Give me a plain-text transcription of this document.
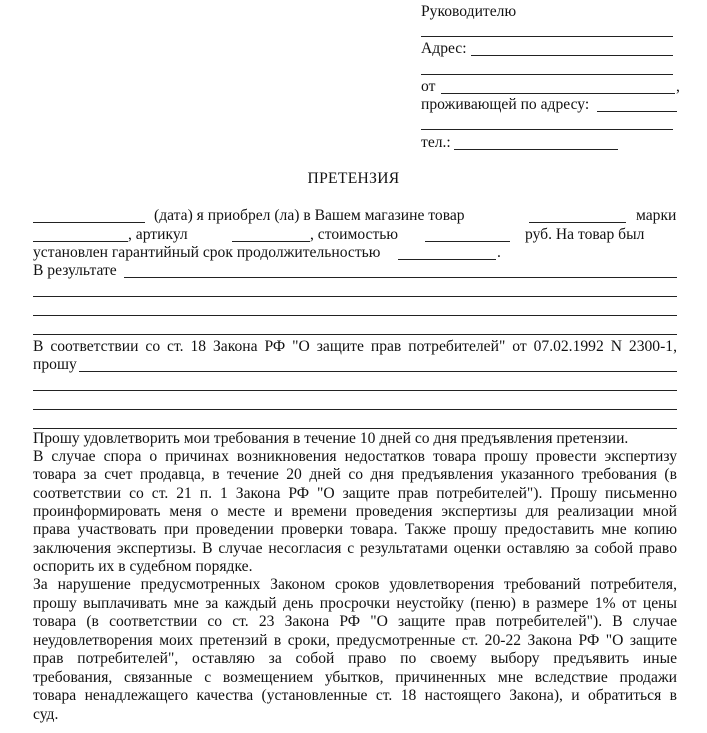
Руководителю
Адрес:
от	,
проживающей по адресу:
тел.:
ПРЕТЕНЗИЯ
(дата) я приобрел (ла) в Вашем магазине товар	марки
, артикул	, стоимостью	руб. На товар был
установлен гарантийный срок продолжительностью	.
В результате
В соответствии со ст. 18 Закона РФ "О защите прав потребителей" от 07.02.1992 N 2300-1,
прошу
Прошу удовлетворить мои требования в течение 10 дней со дня предъявления претензии.
В случае спора о причинах возникновения недостатков товара прошу провести экспертизу
товара за счет продавца, в течение 20 дней со дня предъявления указанного требования (в
соответствии со ст. 21 п. 1 Закона РФ "О защите прав потребителей"). Прошу письменно
проинформировать меня о месте и времени проведения экспертизы для реализации мной
права участвовать при проведении проверки товара. Также прошу предоставить мне копию
заключения экспертизы. В случае несогласия с результатами оценки оставляю за собой право
оспорить их в судебном порядке.
За нарушение предусмотренных Законом сроков удовлетворения требований потребителя,
прошу выплачивать мне за каждый день просрочки неустойку (пеню) в размере 1% от цены
товара (в соответствии со ст. 23 Закона РФ "О защите прав потребителей"). В случае
неудовлетворения моих претензий в сроки, предусмотренные ст. 20-22 Закона РФ "О защите
прав потребителей", оставляю за собой право по своему выбору предъявить иные
требования, связанные с возмещением убытков, причиненных мне вследствие продажи
товара ненадлежащего качества (установленные ст. 18 настоящего Закона), и обратиться в
суд.
